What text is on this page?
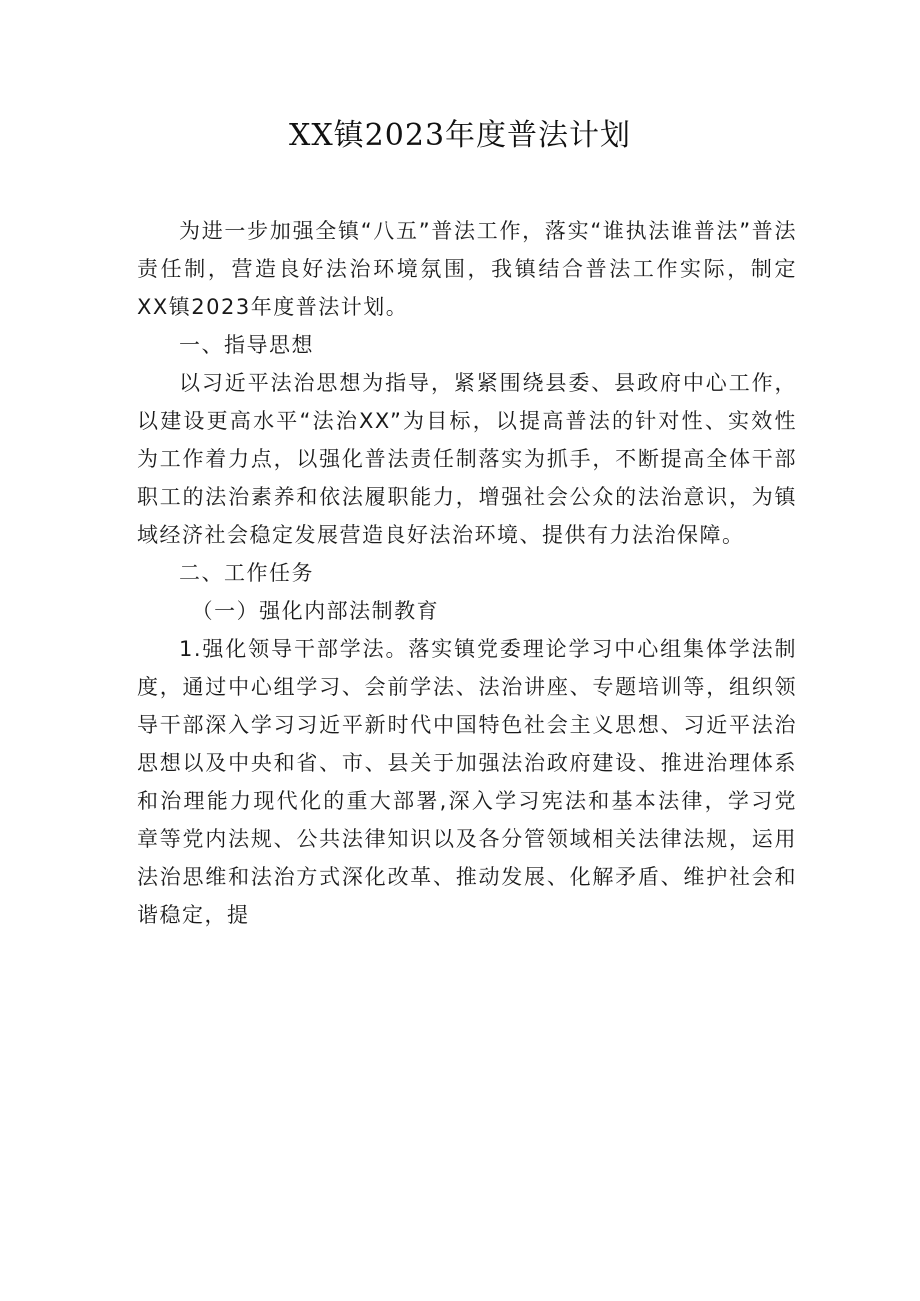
XX镇2023年度普法计划

为进一步加强全镇“八五”普法工作，落实“谁执法谁普法”普法责任制，营造良好法治环境氛围，我镇结合普法工作实际，制定XX镇2023年度普法计划。

一、指导思想

以习近平法治思想为指导，紧紧围绕县委、县政府中心工作，以建设更高水平“法治XX”为目标，以提高普法的针对性、实效性为工作着力点，以强化普法责任制落实为抓手，不断提高全体干部职工的法治素养和依法履职能力，增强社会公众的法治意识，为镇域经济社会稳定发展营造良好法治环境、提供有力法治保障。

二、工作任务

（一）强化内部法制教育

1.强化领导干部学法。落实镇党委理论学习中心组集体学法制度，通过中心组学习、会前学法、法治讲座、专题培训等，组织领导干部深入学习习近平新时代中国特色社会主义思想、习近平法治思想以及中央和省、市、县关于加强法治政府建设、推进治理体系和治理能力现代化的重大部署,深入学习宪法和基本法律，学习党章等党内法规、公共法律知识以及各分管领域相关法律法规，运用法治思维和法治方式深化改革、推动发展、化解矛盾、维护社会和谐稳定，提
